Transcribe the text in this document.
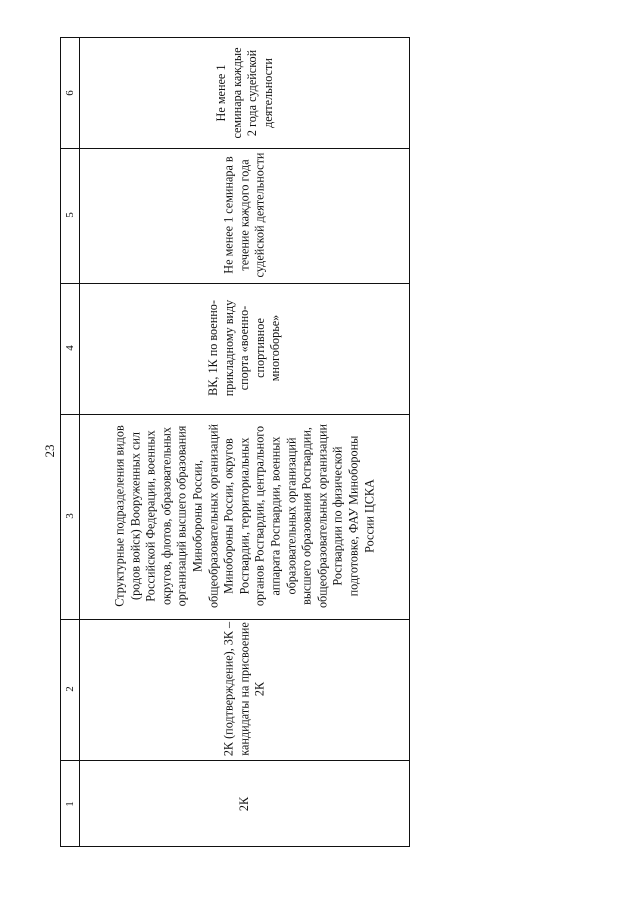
23
6
5
4
3
2
1
Не менее 1 семинара каждые 2 года судейской деятельности
Не менее 1 семинара в течение каждого года судейской деятельности
ВК, 1К по военно-прикладному виду спорта «военно-спортивное многоборье»
Структурные подразделения видов (родов войск) Вооруженных сил Российской Федерации, военных округов, флотов, образовательных организаций высшего образования Минобороны России, общеобразовательных организаций Минобороны России, округов Росгвардии, территориальных органов Росгвардии, центрального аппарата Росгвардии, военных образовательных организаций высшего образования Росгвардии, общеобразовательных организации Росгвардии по физической подготовке, ФАУ Минобороны России ЦСКА
2К (подтверждение), 3К – кандидаты на присвоение 2К
2К
